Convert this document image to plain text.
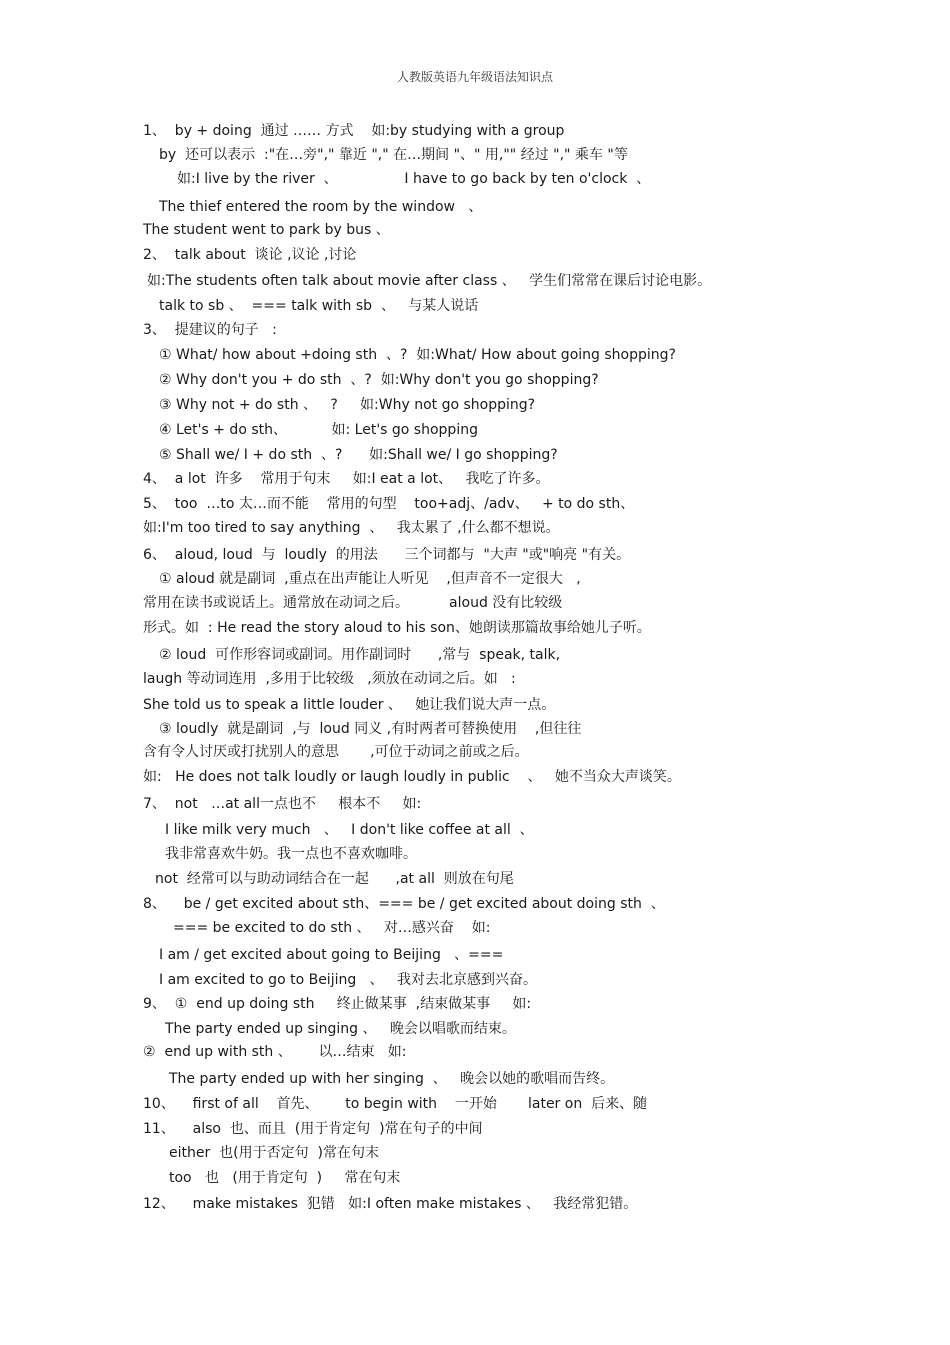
人教版英语九年级语法知识点
1、  by + doing  通过 …… 方式    如:by studying with a group
by  还可以表示  :"在…旁"," 靠近 "," 在…期间 "、" 用,"" 经过 "," 乘车 "等
如:I live by the river  、               I have to go back by ten o'clock  、
The thief entered the room by the window   、
The student went to park by bus 、
2、  talk about  谈论 ,议论 ,讨论
如:The students often talk about movie after class 、   学生们常常在课后讨论电影。
talk to sb 、  === talk with sb  、   与某人说话
3、  提建议的句子   :
① What/ how about +doing sth  、?  如:What/ How about going shopping?
② Why don't you + do sth  、?  如:Why don't you go shopping?
③ Why not + do sth 、   ?     如:Why not go shopping?
④ Let's + do sth、          如: Let's go shopping
⑤ Shall we/ I + do sth  、?      如:Shall we/ I go shopping?
4、  a lot  许多    常用于句末     如:I eat a lot、   我吃了许多。
5、  too  …to 太…而不能    常用的句型    too+adj、/adv、   + to do sth、
如:I'm too tired to say anything  、   我太累了 ,什么都不想说。
6、  aloud, loud  与  loudly  的用法      三个词都与  "大声 "或"响亮 "有关。
① aloud 就是副词  ,重点在出声能让人听见    ,但声音不一定很大   ,
常用在读书或说话上。通常放在动词之后。         aloud 没有比较级
形式。如  : He read the story aloud to his son、她朗读那篇故事给她儿子听。
② loud  可作形容词或副词。用作副词时      ,常与  speak, talk,
laugh 等动词连用  ,多用于比较级   ,须放在动词之后。如   :
She told us to speak a little louder 、   她让我们说大声一点。
③ loudly  就是副词  ,与  loud 同义 ,有时两者可替换使用    ,但往往
含有令人讨厌或打扰别人的意思       ,可位于动词之前或之后。
如:   He does not talk loudly or laugh loudly in public    、   她不当众大声谈笑。
7、  not   …at all一点也不     根本不     如:
I like milk very much   、   I don't like coffee at all  、
我非常喜欢牛奶。我一点也不喜欢咖啡。
not  经常可以与助动词结合在一起      ,at all  则放在句尾
8、    be / get excited about sth、=== be / get excited about doing sth  、
=== be excited to do sth 、   对…感兴奋    如:
I am / get excited about going to Beijing   、===
I am excited to go to Beijing   、   我对去北京感到兴奋。
9、  ①  end up doing sth     终止做某事  ,结束做某事     如:
The party ended up singing 、   晚会以唱歌而结束。
②  end up with sth 、      以…结束   如:
The party ended up with her singing  、   晚会以她的歌唱而告终。
10、    first of all    首先、      to begin with    一开始       later on  后来、随
11、    also  也、而且  (用于肯定句  )常在句子的中间
either  也(用于否定句  )常在句末
too   也   (用于肯定句  )     常在句末
12、    make mistakes  犯错   如:I often make mistakes 、   我经常犯错。
